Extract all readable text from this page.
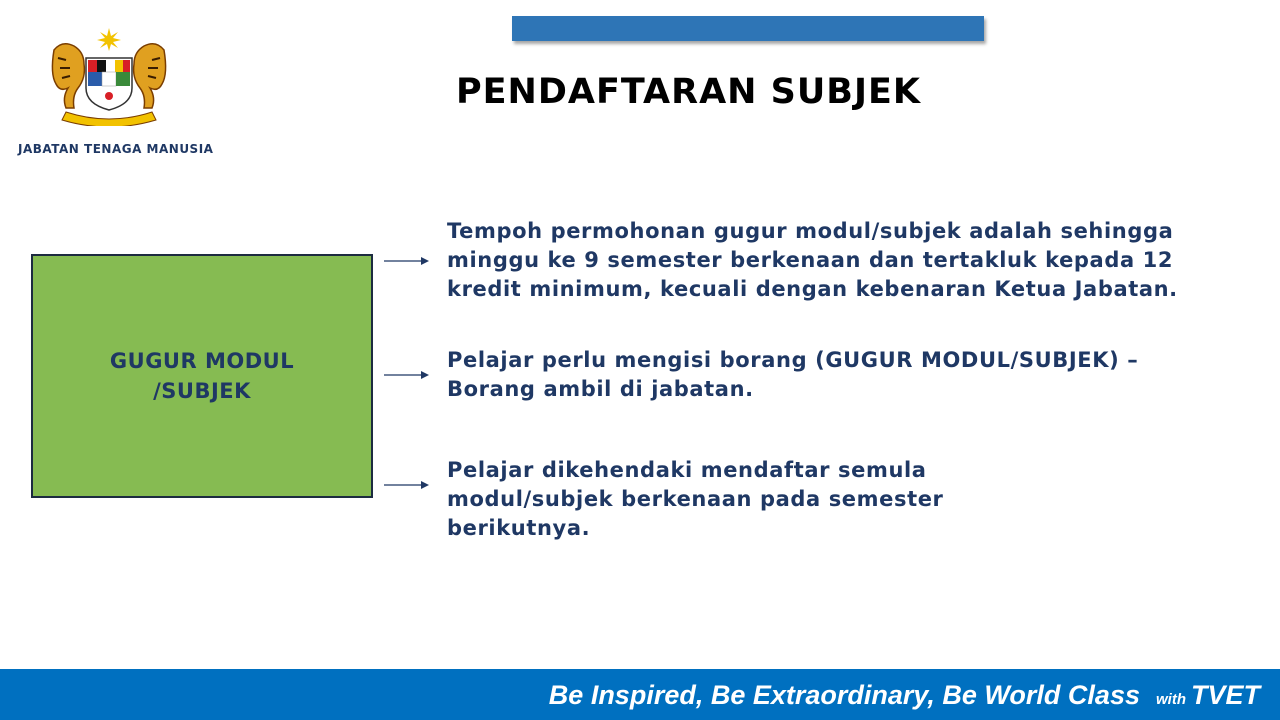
JABATAN TENAGA MANUSIA
PENDAFTARAN SUBJEK
GUGUR MODUL
/SUBJEK
Tempoh permohonan gugur modul/subjek adalah sehingga
minggu ke 9 semester berkenaan dan tertakluk kepada 12
kredit minimum, kecuali dengan kebenaran Ketua Jabatan.
Pelajar perlu mengisi borang (GUGUR MODUL/SUBJEK) –
Borang ambil di jabatan.
Pelajar dikehendaki mendaftar semula
modul/subjek berkenaan pada semester
berikutnya.
Be Inspired, Be Extraordinary, Be World Class with TVET
